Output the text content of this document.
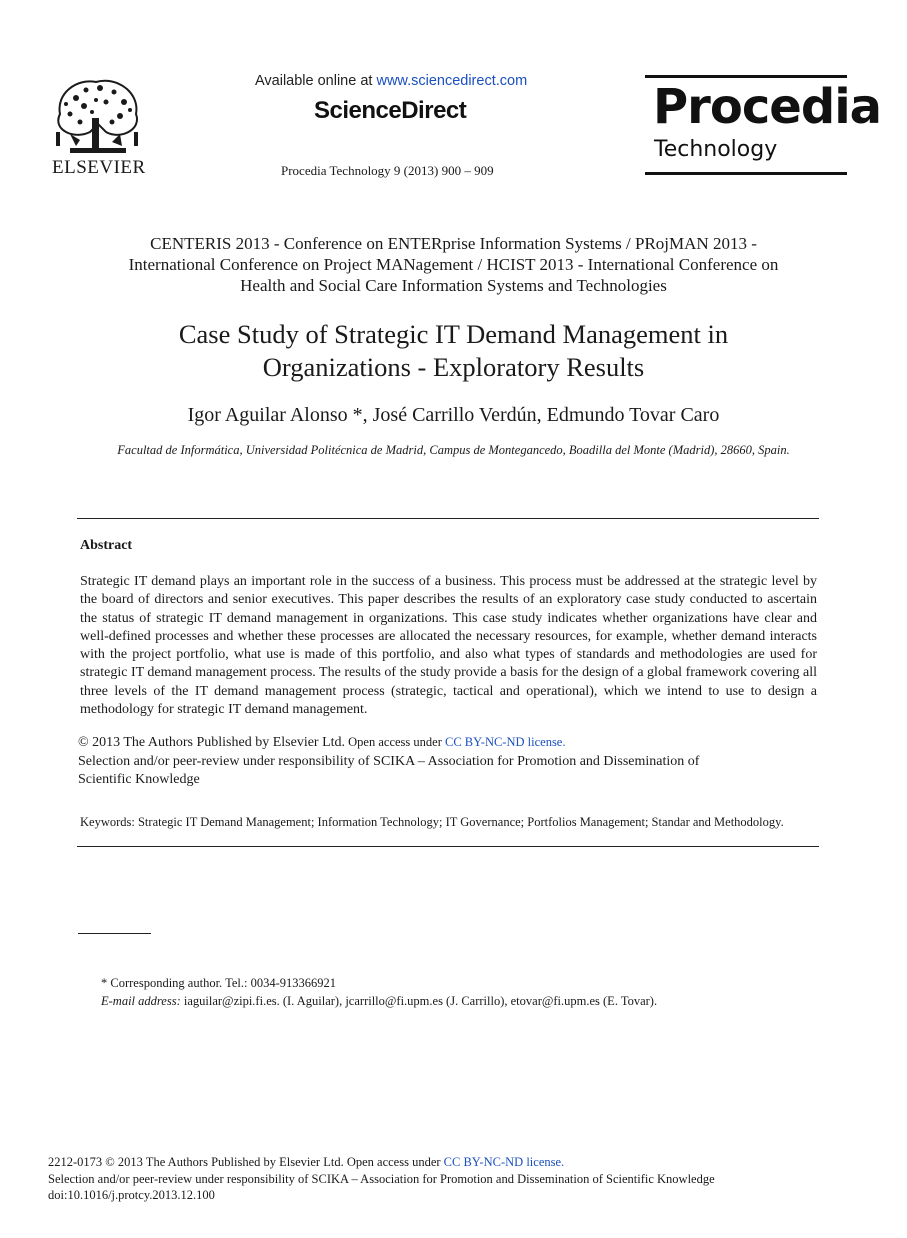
ELSEVIER
Available online at www.sciencedirect.com
ScienceDirect
Procedia Technology 9 (2013) 900 – 909
Procedia
Technology
CENTERIS 2013 - Conference on ENTERprise Information Systems / PRojMAN 2013 -
International Conference on Project MANagement / HCIST 2013 - International Conference on
Health and Social Care Information Systems and Technologies
Case Study of Strategic IT Demand Management in
Organizations - Exploratory Results
Igor Aguilar Alonso *, José Carrillo Verdún, Edmundo Tovar Caro
Facultad de Informática, Universidad Politécnica de Madrid, Campus de Montegancedo, Boadilla del Monte (Madrid), 28660, Spain.
Abstract
Strategic IT demand plays an important role in the success of a business. This process must be addressed at the strategic level by the board of directors and senior executives. This paper describes the results of an exploratory case study conducted to ascertain the status of strategic IT demand management in organizations. This case study indicates whether organizations have clear and well-defined processes and whether these processes are allocated the necessary resources, for example, whether demand interacts with the project portfolio, what use is made of this portfolio, and also what types of standards and methodologies are used for strategic IT demand management process. The results of the study provide a basis for the design of a global framework covering all three levels of the IT demand management process (strategic, tactical and operational), which we intend to use to design a methodology for strategic IT demand management.
© 2013 The Authors Published by Elsevier Ltd. Open access under CC BY-NC-ND license.
Selection and/or peer-review under responsibility of SCIKA – Association for Promotion and Dissemination of
Scientific Knowledge
Keywords: Strategic IT Demand Management; Information Technology; IT Governance; Portfolios Management; Standar and Methodology.
* Corresponding author. Tel.: 0034-913366921
E-mail address: iaguilar@zipi.fi.es. (I. Aguilar), jcarrillo@fi.upm.es (J. Carrillo), etovar@fi.upm.es (E. Tovar).
2212-0173 © 2013 The Authors Published by Elsevier Ltd. Open access under CC BY-NC-ND license.
Selection and/or peer-review under responsibility of SCIKA – Association for Promotion and Dissemination of Scientific Knowledge
doi:10.1016/j.protcy.2013.12.100
